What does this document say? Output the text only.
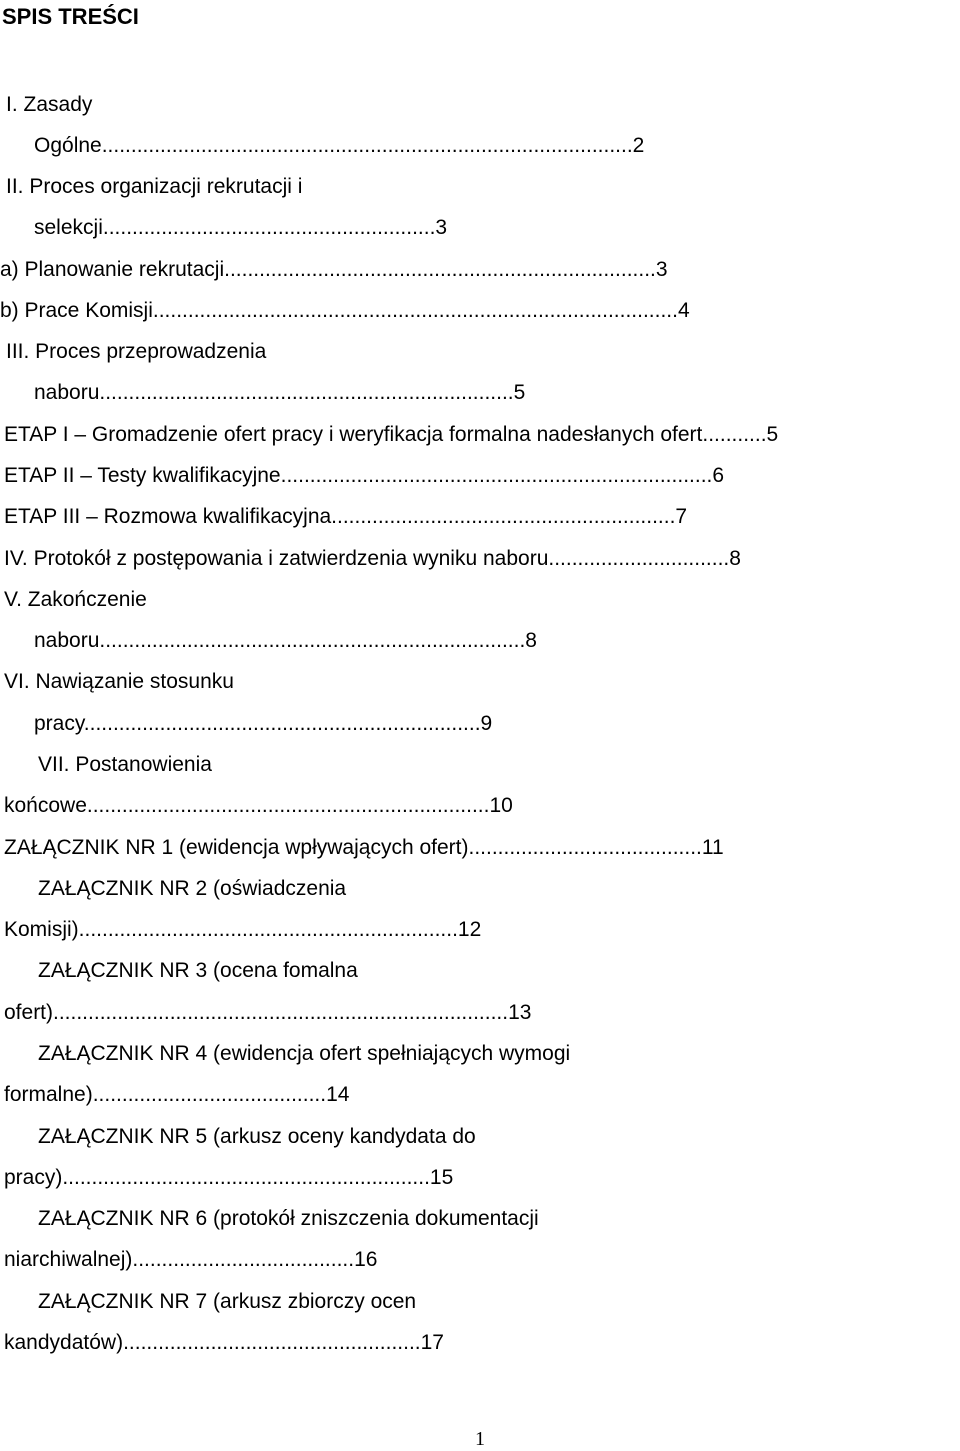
SPIS TREŚCI
I. Zasady
Ogólne...........................................................................................2
II. Proces organizacji rekrutacji i
selekcji.........................................................3
a) Planowanie rekrutacji..........................................................................3
b) Prace Komisji..........................................................................................4
III. Proces przeprowadzenia
naboru.......................................................................5
ETAP I – Gromadzenie ofert pracy i weryfikacja formalna nadesłanych ofert...........5
ETAP II – Testy kwalifikacyjne..........................................................................6
ETAP III – Rozmowa kwalifikacyjna...........................................................7
IV. Protokół z postępowania i zatwierdzenia wyniku naboru...............................8
V. Zakończenie
naboru.........................................................................8
VI. Nawiązanie stosunku
pracy....................................................................9
VII. Postanowienia
końcowe.....................................................................10
ZAŁĄCZNIK NR 1 (ewidencja wpływających ofert)........................................11
ZAŁĄCZNIK NR 2 (oświadczenia
Komisji).................................................................12
ZAŁĄCZNIK NR 3 (ocena fomalna
ofert)..............................................................................13
ZAŁĄCZNIK NR 4 (ewidencja ofert spełniających wymogi
formalne)........................................14
ZAŁĄCZNIK NR 5 (arkusz oceny kandydata do
pracy)...............................................................15
ZAŁĄCZNIK NR 6 (protokół zniszczenia dokumentacji
niarchiwalnej)......................................16
ZAŁĄCZNIK NR 7 (arkusz zbiorczy ocen
kandydatów)...................................................17
1
